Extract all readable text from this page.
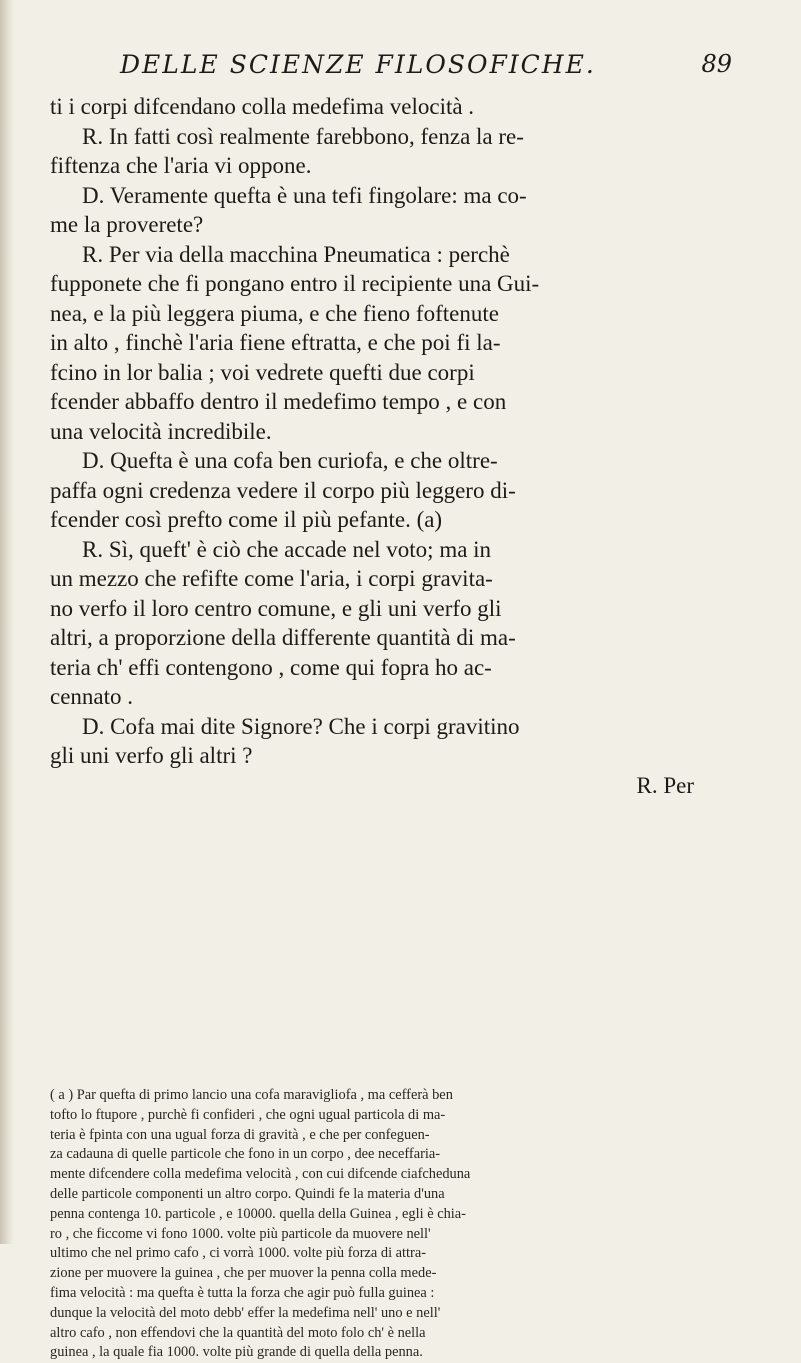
DELLE SCIENZE FILOSOFICHE.	89
ti i corpi difcendano colla medefima velocità .
R. In fatti così realmente farebbono, fenza la re-
fiftenza che l'aria vi oppone.
D. Veramente quefta è una tefi fingolare: ma co-
me la proverete?
R. Per via della macchina Pneumatica : perchè
fupponete che fi pongano entro il recipiente una Gui-
nea, e la più leggera piuma, e che fieno foftenute
in alto , finchè l'aria fiene eftratta, e che poi fi la-
fcino in lor balia ; voi vedrete quefti due corpi
fcender abbaffo dentro il medefimo tempo , e con
una velocità incredibile.
D. Quefta è una cofa ben curiofa, e che oltre-
paffa ogni credenza vedere il corpo più leggero di-
fcender così prefto come il più pefante. (a)
R. Sì, queft' è ciò che accade nel voto; ma in
un mezzo che refifte come l'aria, i corpi gravita-
no verfo il loro centro comune, e gli uni verfo gli
altri, a proporzione della differente quantità di ma-
teria ch' effi contengono , come qui fopra ho ac-
cennato .
D. Cofa mai dite Signore? Che i corpi gravitino
gli uni verfo gli altri ?
R. Per
( a ) Par quefta di primo lancio una cofa maravigliofa , ma cefferà ben
tofto lo ftupore , purchè fi confideri , che ogni ugual particola di ma-
teria è fpinta con una ugual forza di gravità , e che per confeguen-
za cadauna di quelle particole che fono in un corpo , dee neceffaria-
mente difcendere colla medefima velocità , con cui difcende ciafcheduna
delle particole componenti un altro corpo. Quindi fe la materia d'una
penna contenga 10. particole , e 10000. quella della Guinea , egli è chia-
ro , che ficcome vi fono 1000. volte più particole da muovere nell'
ultimo che nel primo cafo , ci vorrà 1000. volte più forza di attra-
zione per muovere la guinea , che per muover la penna colla mede-
fima velocità : ma quefta è tutta la forza che agir può fulla guinea :
dunque la velocità del moto debb' effer la medefima nell' uno e nell'
altro cafo , non effendovi che la quantità del moto folo ch' è nella
guinea , la quale fia 1000. volte più grande di quella della penna.
